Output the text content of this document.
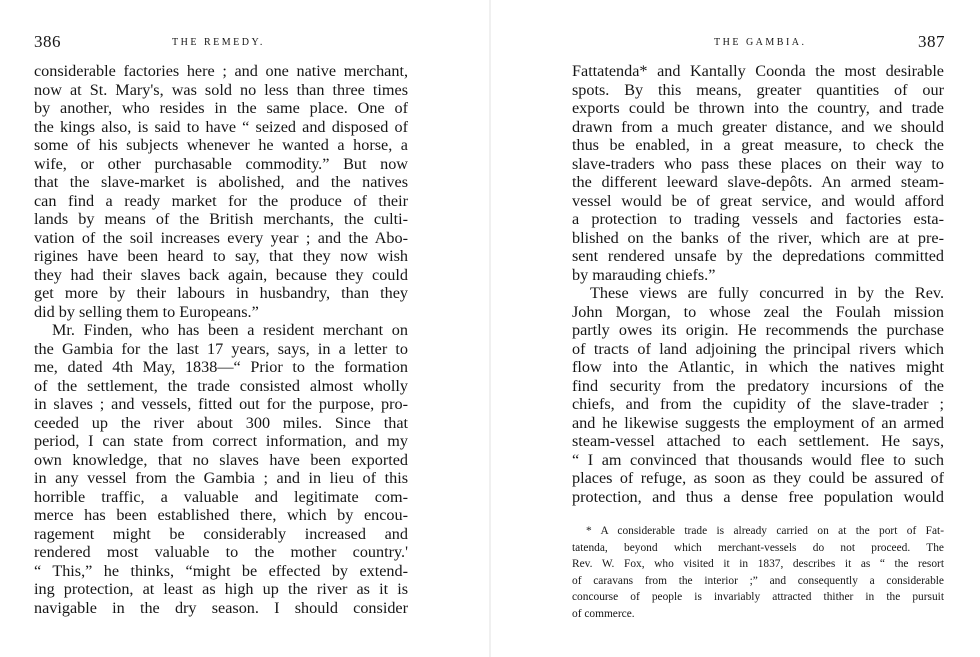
386	THE REMEDY.
considerable factories here ; and one native merchant,
now at St. Mary's, was sold no less than three times
by another, who resides in the same place. One of
the kings also, is said to have “ seized and disposed of
some of his subjects whenever he wanted a horse, a
wife, or other purchasable commodity.” But now
that the slave-market is abolished, and the natives
can find a ready market for the produce of their
lands by means of the British merchants, the culti-
vation of the soil increases every year ; and the Abo-
rigines have been heard to say, that they now wish
they had their slaves back again, because they could
get more by their labours in husbandry, than they
did by selling them to Europeans.”
Mr. Finden, who has been a resident merchant on
the Gambia for the last 17 years, says, in a letter to
me, dated 4th May, 1838—“ Prior to the formation
of the settlement, the trade consisted almost wholly
in slaves ; and vessels, fitted out for the purpose, pro-
ceeded up the river about 300 miles. Since that
period, I can state from correct information, and my
own knowledge, that no slaves have been exported
in any vessel from the Gambia ; and in lieu of this
horrible traffic, a valuable and legitimate com-
merce has been established there, which by encou-
ragement might be considerably increased and
rendered most valuable to the mother country.'
“ This,” he thinks, “might be effected by extend-
ing protection, at least as high up the river as it is
navigable in the dry season. I should consider
THE GAMBIA.	387
Fattatenda* and Kantally Coonda the most desirable
spots. By this means, greater quantities of our
exports could be thrown into the country, and trade
drawn from a much greater distance, and we should
thus be enabled, in a great measure, to check the
slave-traders who pass these places on their way to
the different leeward slave-depôts. An armed steam-
vessel would be of great service, and would afford
a protection to trading vessels and factories esta-
blished on the banks of the river, which are at pre-
sent rendered unsafe by the depredations committed
by marauding chiefs.”
These views are fully concurred in by the Rev.
John Morgan, to whose zeal the Foulah mission
partly owes its origin. He recommends the purchase
of tracts of land adjoining the principal rivers which
flow into the Atlantic, in which the natives might
find security from the predatory incursions of the
chiefs, and from the cupidity of the slave-trader ;
and he likewise suggests the employment of an armed
steam-vessel attached to each settlement. He says,
“ I am convinced that thousands would flee to such
places of refuge, as soon as they could be assured of
protection, and thus a dense free population would
* A considerable trade is already carried on at the port of Fat-
tatenda, beyond which merchant-vessels do not proceed. The
Rev. W. Fox, who visited it in 1837, describes it as “ the resort
of caravans from the interior ;” and consequently a considerable
concourse of people is invariably attracted thither in the pursuit
of commerce.
